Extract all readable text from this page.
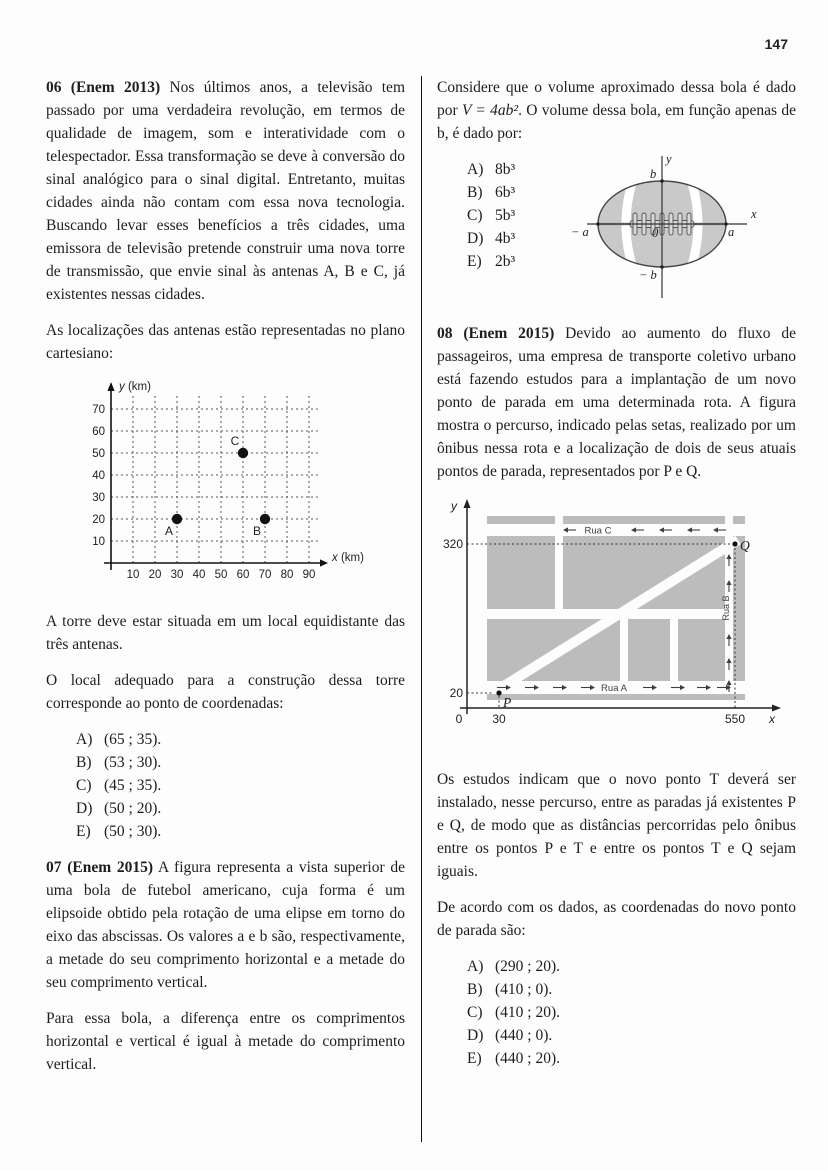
147

06 (Enem 2013) Nos últimos anos, a televisão tem passado por uma verdadeira revolução, em termos de qualidade de imagem, som e interatividade com o telespectador. Essa transformação se deve à conversão do sinal analógico para o sinal digital. Entretanto, muitas cidades ainda não contam com essa nova tecnologia. Buscando levar esses benefícios a três cidades, uma emissora de televisão pretende construir uma nova torre de transmissão, que envie sinal às antenas A, B e C, já existentes nessas cidades.

As localizações das antenas estão representadas no plano cartesiano:

10 20 30 40 50 60 70 80 90
10
20
30
40
50
60
70
y (km)
x (km)
A	B
C

A torre deve estar situada em um local equidistante das três antenas.

O local adequado para a construção dessa torre corresponde ao ponto de coordenadas:

A) (65 ; 35).
B) (53 ; 30).
C) (45 ; 35).
D) (50 ; 20).
E) (50 ; 30).

07 (Enem 2015) A figura representa a vista superior de uma bola de futebol americano, cuja forma é um elipsoide obtido pela rotação de uma elipse em torno do eixo das abscissas. Os valores a e b são, respectivamente, a metade do seu comprimento horizontal e a metade do seu comprimento vertical.

Para essa bola, a diferença entre os comprimentos horizontal e vertical é igual à metade do comprimento vertical.

Considere que o volume aproximado dessa bola é dado por V = 4ab². O volume dessa bola, em função apenas de b, é dado por:

A) 8b³
B) 6b³
C) 5b³
D) 4b³
E) 2b³
y
b
− b
− a	a
0
x

08 (Enem 2015) Devido ao aumento do fluxo de passageiros, uma empresa de transporte coletivo urbano está fazendo estudos para a implantação de um novo ponto de parada em uma determinada rota. A figura mostra o percurso, indicado pelas setas, realizado por um ônibus nessa rota e a localização de dois de seus atuais pontos de parada, representados por P e Q.

Rua C
Rua A
Rua B
P
Q
320
20
0 30	550
y
x

Os estudos indicam que o novo ponto T deverá ser instalado, nesse percurso, entre as paradas já existentes P e Q, de modo que as distâncias percorridas pelo ônibus entre os pontos P e T e entre os pontos T e Q sejam iguais.

De acordo com os dados, as coordenadas do novo ponto de parada são:

A) (290 ; 20).
B) (410 ; 0).
C) (410 ; 20).
D) (440 ; 0).
E) (440 ; 20).
